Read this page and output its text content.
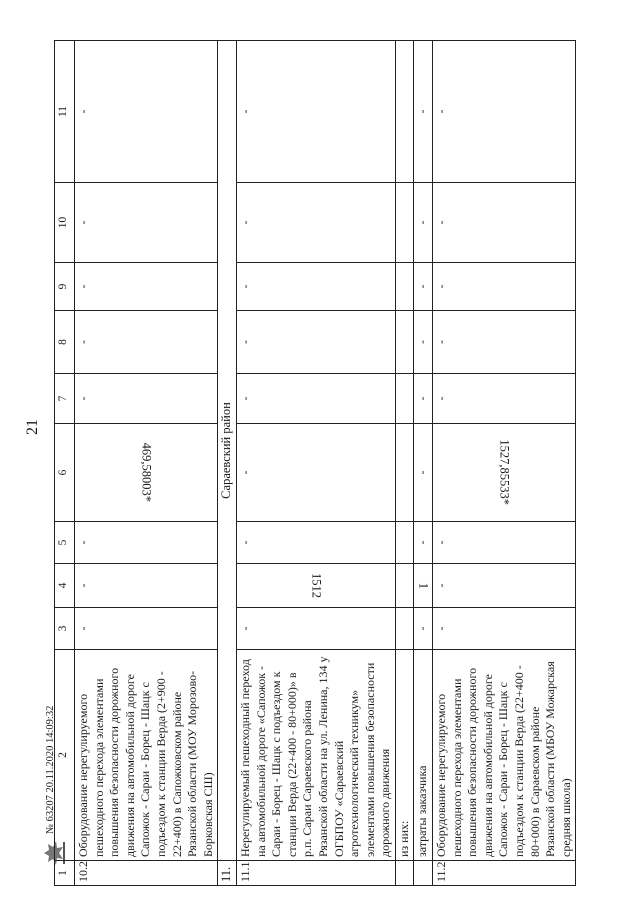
21
№ 63207 20.11.2020 14:09:32
1	2	3	4	5	6	7	8	9	10	11
10.2	Оборудование нерегулируемого пешеходного перехода элементами повышения безопасности дорожного движения на автомобильной дороге Сапожок - Сараи - Борец - Шацк с подъездом к станции Верда (2+900 - 22+400) в Сапожковском районе Рязанской области (МОУ Морозово-Борковская СШ)	-	-	-	469,58003*	-	-	-	-	-
11.	Сараевский район									
11.1	Нерегулируемый пешеходный переход на автомобильной дороге «Сапожок - Сараи - Борец - Шацк с подъездом к станции Верда (22+400 - 80+000)» в р.п. Сараи Сараевского района Рязанской области на ул. Ленина, 134 у ОГБПОУ «Сараевский агротехнологический техникум» элементами повышения безопасности дорожного движения	-	1512	-	-	-	-	-	-	-
	из них:									
	затраты заказчика	-	1	-	-	-	-	-	-	-
11.2	Оборудование нерегулируемого пешеходного перехода элементами повышения безопасности дорожного движения на автомобильной дороге Сапожок - Сараи - Борец - Шацк с подъездом к станции Верда (22+400 - 80+000) в Сараевском районе Рязанской области (МБОУ Можарская средняя школа)	-	-	-	1527,85533*	-	-	-	-	-
